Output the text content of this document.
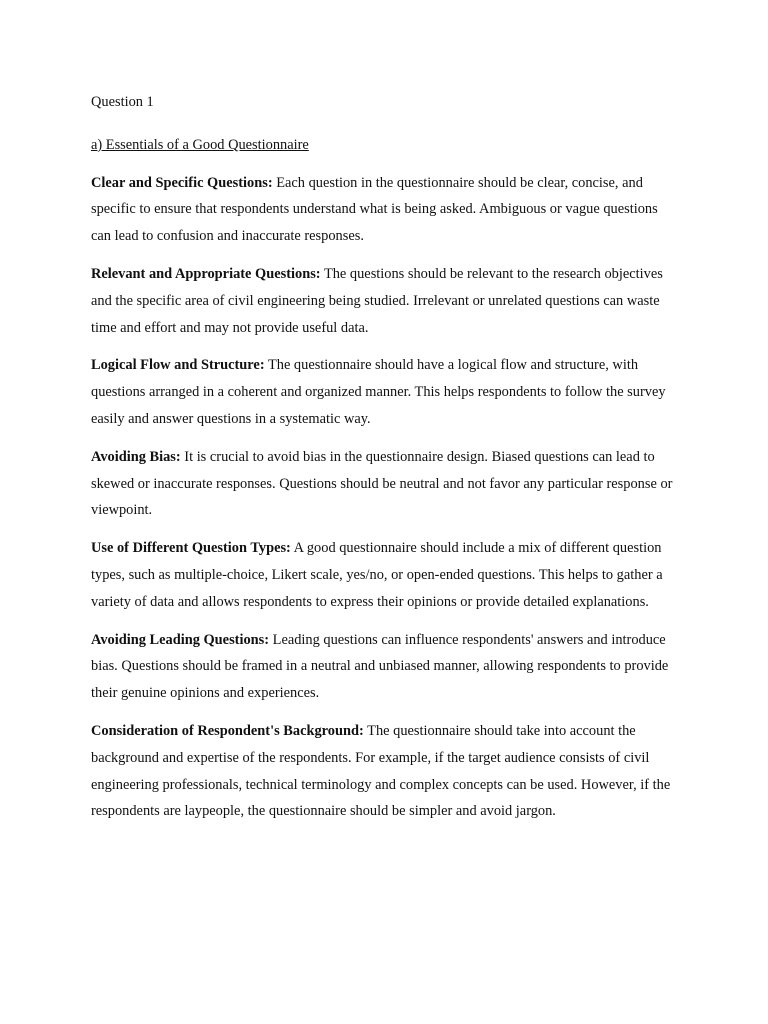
Question 1
a) Essentials of a Good Questionnaire

Clear and Specific Questions: Each question in the questionnaire should be clear, concise, and specific to ensure that respondents understand what is being asked. Ambiguous or vague questions can lead to confusion and inaccurate responses.

Relevant and Appropriate Questions: The questions should be relevant to the research objectives and the specific area of civil engineering being studied. Irrelevant or unrelated questions can waste time and effort and may not provide useful data.

Logical Flow and Structure: The questionnaire should have a logical flow and structure, with questions arranged in a coherent and organized manner. This helps respondents to follow the survey easily and answer questions in a systematic way.

Avoiding Bias: It is crucial to avoid bias in the questionnaire design. Biased questions can lead to skewed or inaccurate responses. Questions should be neutral and not favor any particular response or viewpoint.

Use of Different Question Types: A good questionnaire should include a mix of different question types, such as multiple-choice, Likert scale, yes/no, or open-ended questions. This helps to gather a variety of data and allows respondents to express their opinions or provide detailed explanations.

Avoiding Leading Questions: Leading questions can influence respondents' answers and introduce bias. Questions should be framed in a neutral and unbiased manner, allowing respondents to provide their genuine opinions and experiences.

Consideration of Respondent's Background: The questionnaire should take into account the background and expertise of the respondents. For example, if the target audience consists of civil engineering professionals, technical terminology and complex concepts can be used. However, if the respondents are laypeople, the questionnaire should be simpler and avoid jargon.
